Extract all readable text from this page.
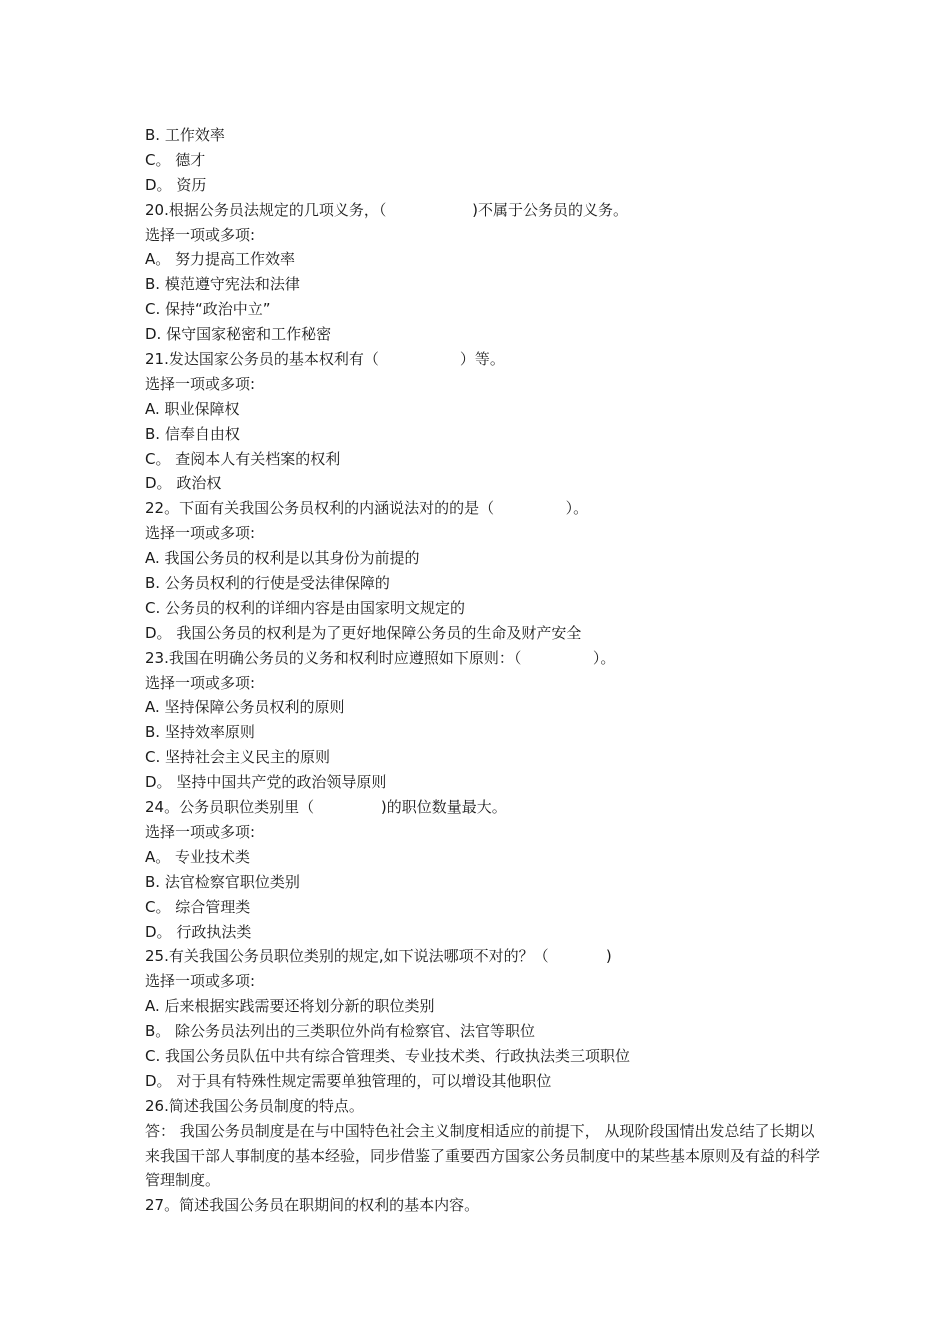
B. 工作效率
C。 德才
D。 资历
20.根据公务员法规定的几项义务，（                  )不属于公务员的义务。
选择一项或多项:
A。 努力提高工作效率
B. 模范遵守宪法和法律
C. 保持“政治中立”
D. 保守国家秘密和工作秘密
21.发达国家公务员的基本权利有（                 ）等。
选择一项或多项:
A. 职业保障权
B. 信奉自由权
C。 查阅本人有关档案的权利
D。 政治权
22。下面有关我国公务员权利的内涵说法对的的是（               ）。
选择一项或多项:
A. 我国公务员的权利是以其身份为前提的
B. 公务员权利的行使是受法律保障的
C. 公务员的权利的详细内容是由国家明文规定的
D。 我国公务员的权利是为了更好地保障公务员的生命及财产安全
23.我国在明确公务员的义务和权利时应遵照如下原则：（               ）。
选择一项或多项:
A. 坚持保障公务员权利的原则
B. 坚持效率原则
C. 坚持社会主义民主的原则
D。 坚持中国共产党的政治领导原则
24。公务员职位类别里（              )的职位数量最大。
选择一项或多项:
A。 专业技术类
B. 法官检察官职位类别
C。 综合管理类
D。 行政执法类
25.有关我国公务员职位类别的规定,如下说法哪项不对的？（            )
选择一项或多项:
A. 后来根据实践需要还将划分新的职位类别
B。 除公务员法列出的三类职位外尚有检察官、法官等职位
C. 我国公务员队伍中共有综合管理类、专业技术类、行政执法类三项职位
D。 对于具有特殊性规定需要单独管理的，可以增设其他职位
26.简述我国公务员制度的特点。
答： 我国公务员制度是在与中国特色社会主义制度相适应的前提下， 从现阶段国情出发总结了长期以来我国干部人事制度的基本经验，同步借鉴了重要西方国家公务员制度中的某些基本原则及有益的科学管理制度。
27。简述我国公务员在职期间的权利的基本内容。
